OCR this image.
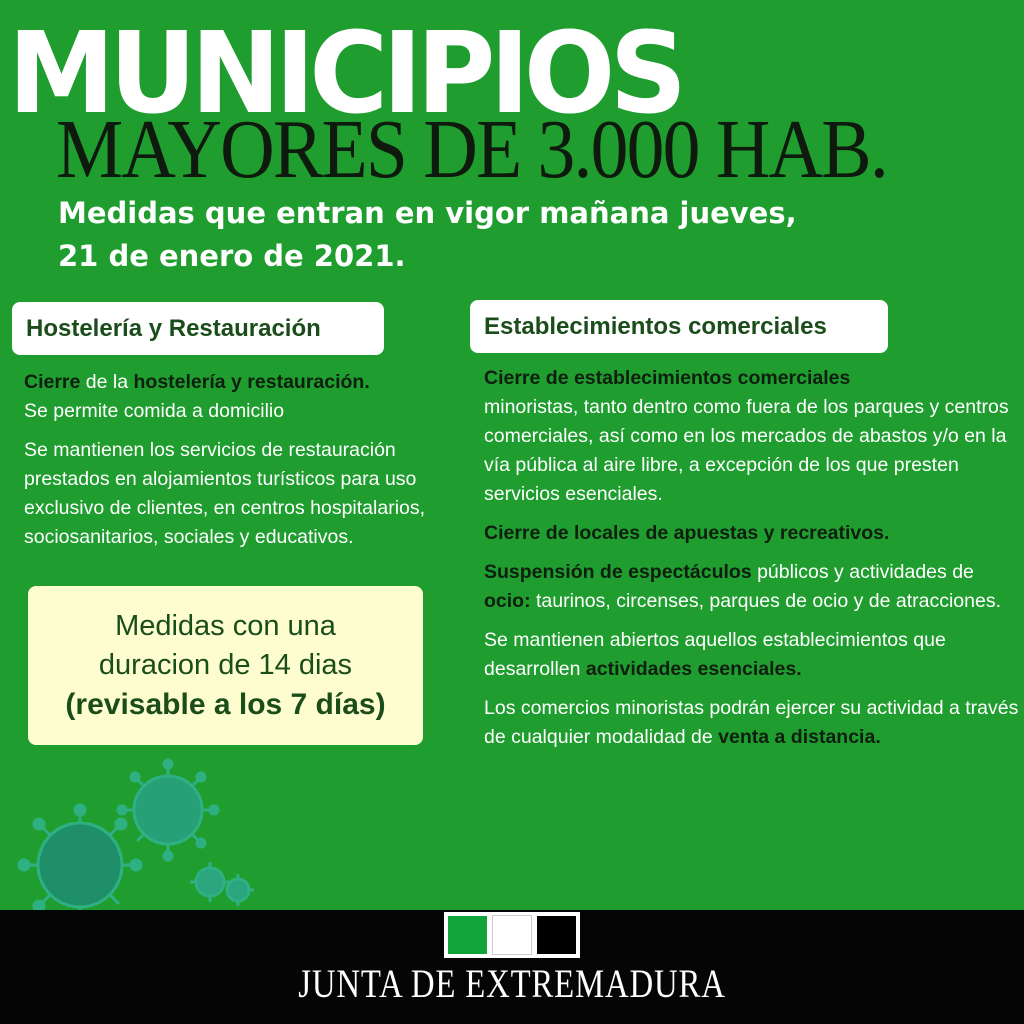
MUNICIPIOS
MAYORES DE 3.000 HAB.
Medidas que entran en vigor mañana jueves,
21 de enero de 2021.
Hostelería y Restauración	Establecimientos comerciales

Cierre de la hostelería y restauración.
Se permite comida a domicilio

Se mantienen los servicios de restauración prestados en alojamientos turísticos para uso exclusivo de clientes, en centros hospitalarios, sociosanitarios, sociales y educativos.

Medidas con una
duracion de 14 dias
(revisable a los 7 días)

Cierre de establecimientos comerciales
minoristas, tanto dentro como fuera de los parques y centros comerciales, así como en los mercados de abastos y/o en la vía pública al aire libre, a excepción de los que presten servicios esenciales.

Cierre de locales de apuestas y recreativos.

Suspensión de espectáculos públicos y actividades de ocio: taurinos, circenses, parques de ocio y de atracciones.

Se mantienen abiertos aquellos establecimientos que desarrollen actividades esenciales.

Los comercios minoristas podrán ejercer su actividad a través de cualquier modalidad de venta a distancia.

JUNTA DE EXTREMADURA
